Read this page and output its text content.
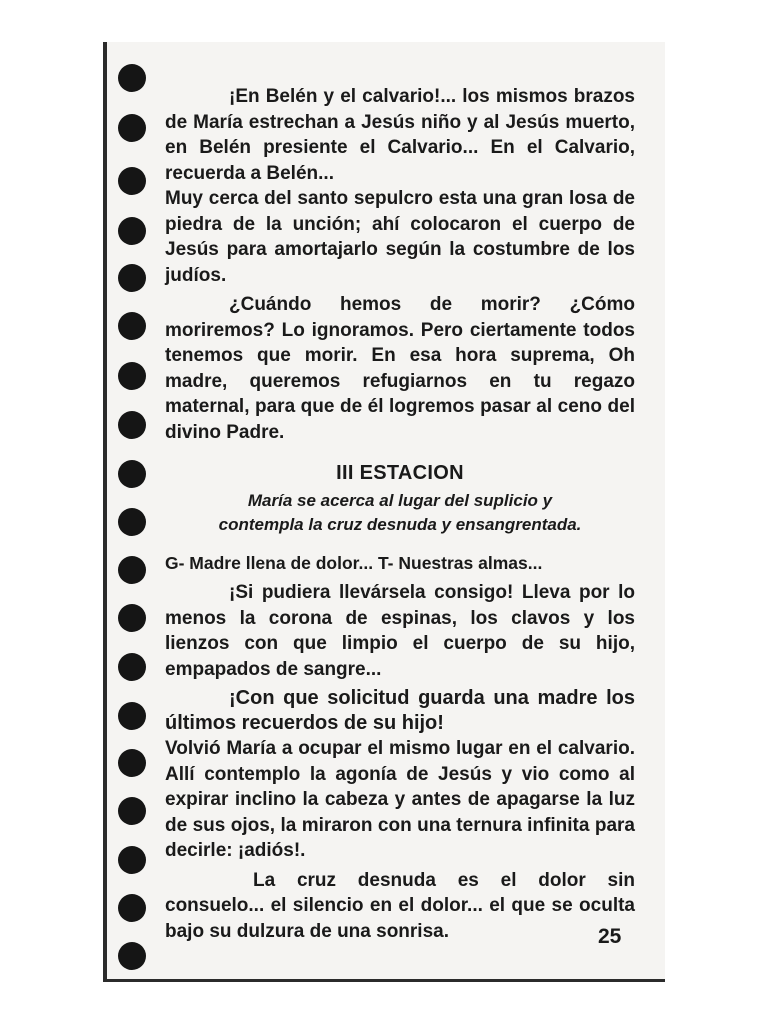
¡En Belén y el calvario!... los mismos brazos de María estrechan a Jesús niño y al Jesús muerto, en Belén presiente el Calvario... En el Calvario, recuerda a Belén...

Muy cerca del santo sepulcro esta una gran losa de piedra de la unción; ahí colocaron el cuerpo de Jesús para amortajarlo según la costumbre de los judíos.

¿Cuándo hemos de morir? ¿Cómo moriremos? Lo ignoramos. Pero ciertamente todos tenemos que morir. En esa hora suprema, Oh madre, queremos refugiarnos en tu regazo maternal, para que de él logremos pasar al ceno del divino Padre.

III ESTACION

María se acerca al lugar del suplicio y
contempla la cruz desnuda y ensangrentada.

G- Madre llena de dolor... T- Nuestras almas...

¡Si pudiera llevársela consigo! Lleva por lo menos la corona de espinas, los clavos y los lienzos con que limpio el cuerpo de su hijo, empapados de sangre...

¡Con que solicitud guarda una madre los últimos recuerdos de su hijo!

Volvió María a ocupar el mismo lugar en el calvario. Allí contemplo la agonía de Jesús y vio como al expirar inclino la cabeza y antes de apagarse la luz de sus ojos, la miraron con una ternura infinita para decirle: ¡adiós!.

La cruz desnuda es el dolor sin consuelo... el silencio en el dolor... el que se oculta bajo su dulzura de una sonrisa.	25
